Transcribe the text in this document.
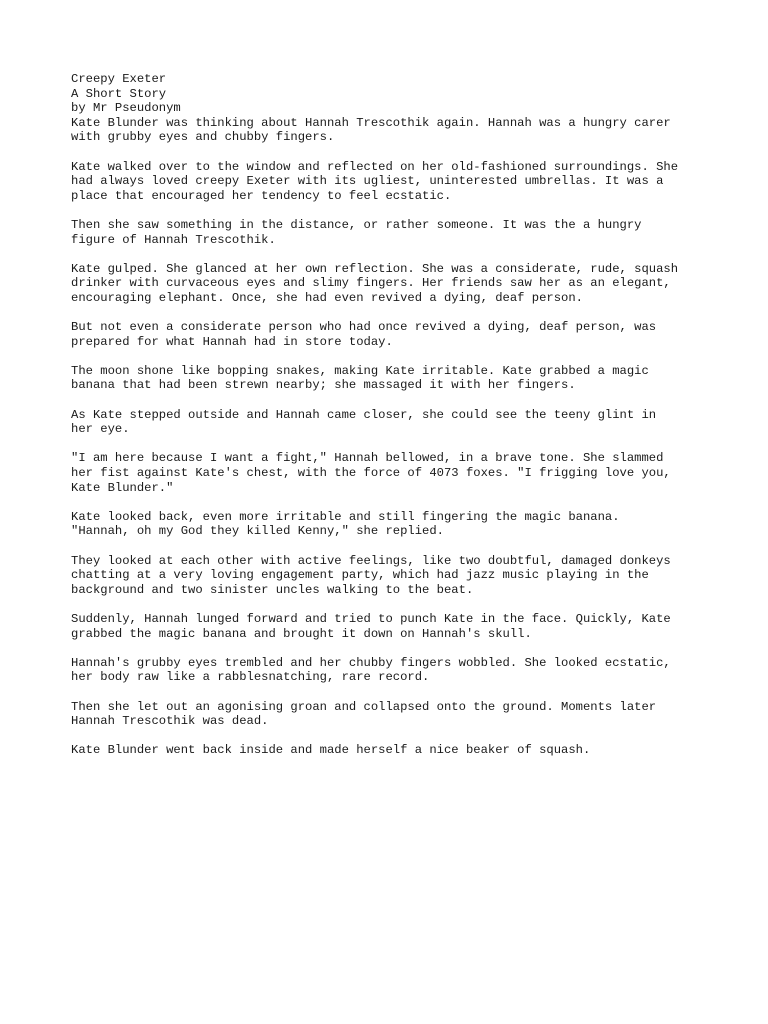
Creepy Exeter
A Short Story
by Mr Pseudonym

Kate Blunder was thinking about Hannah Trescothik again. Hannah was a hungry carer
with grubby eyes and chubby fingers.

Kate walked over to the window and reflected on her old-fashioned surroundings. She
had always loved creepy Exeter with its ugliest, uninterested umbrellas. It was a
place that encouraged her tendency to feel ecstatic.

Then she saw something in the distance, or rather someone. It was the a hungry
figure of Hannah Trescothik.

Kate gulped. She glanced at her own reflection. She was a considerate, rude, squash
drinker with curvaceous eyes and slimy fingers. Her friends saw her as an elegant,
encouraging elephant. Once, she had even revived a dying, deaf person.

But not even a considerate person who had once revived a dying, deaf person, was
prepared for what Hannah had in store today.

The moon shone like bopping snakes, making Kate irritable. Kate grabbed a magic
banana that had been strewn nearby; she massaged it with her fingers.

As Kate stepped outside and Hannah came closer, she could see the teeny glint in
her eye.

"I am here because I want a fight," Hannah bellowed, in a brave tone. She slammed
her fist against Kate's chest, with the force of 4073 foxes. "I frigging love you,
Kate Blunder."

Kate looked back, even more irritable and still fingering the magic banana.
"Hannah, oh my God they killed Kenny," she replied.

They looked at each other with active feelings, like two doubtful, damaged donkeys
chatting at a very loving engagement party, which had jazz music playing in the
background and two sinister uncles walking to the beat.

Suddenly, Hannah lunged forward and tried to punch Kate in the face. Quickly, Kate
grabbed the magic banana and brought it down on Hannah's skull.

Hannah's grubby eyes trembled and her chubby fingers wobbled. She looked ecstatic,
her body raw like a rabblesnatching, rare record.

Then she let out an agonising groan and collapsed onto the ground. Moments later
Hannah Trescothik was dead.

Kate Blunder went back inside and made herself a nice beaker of squash.
